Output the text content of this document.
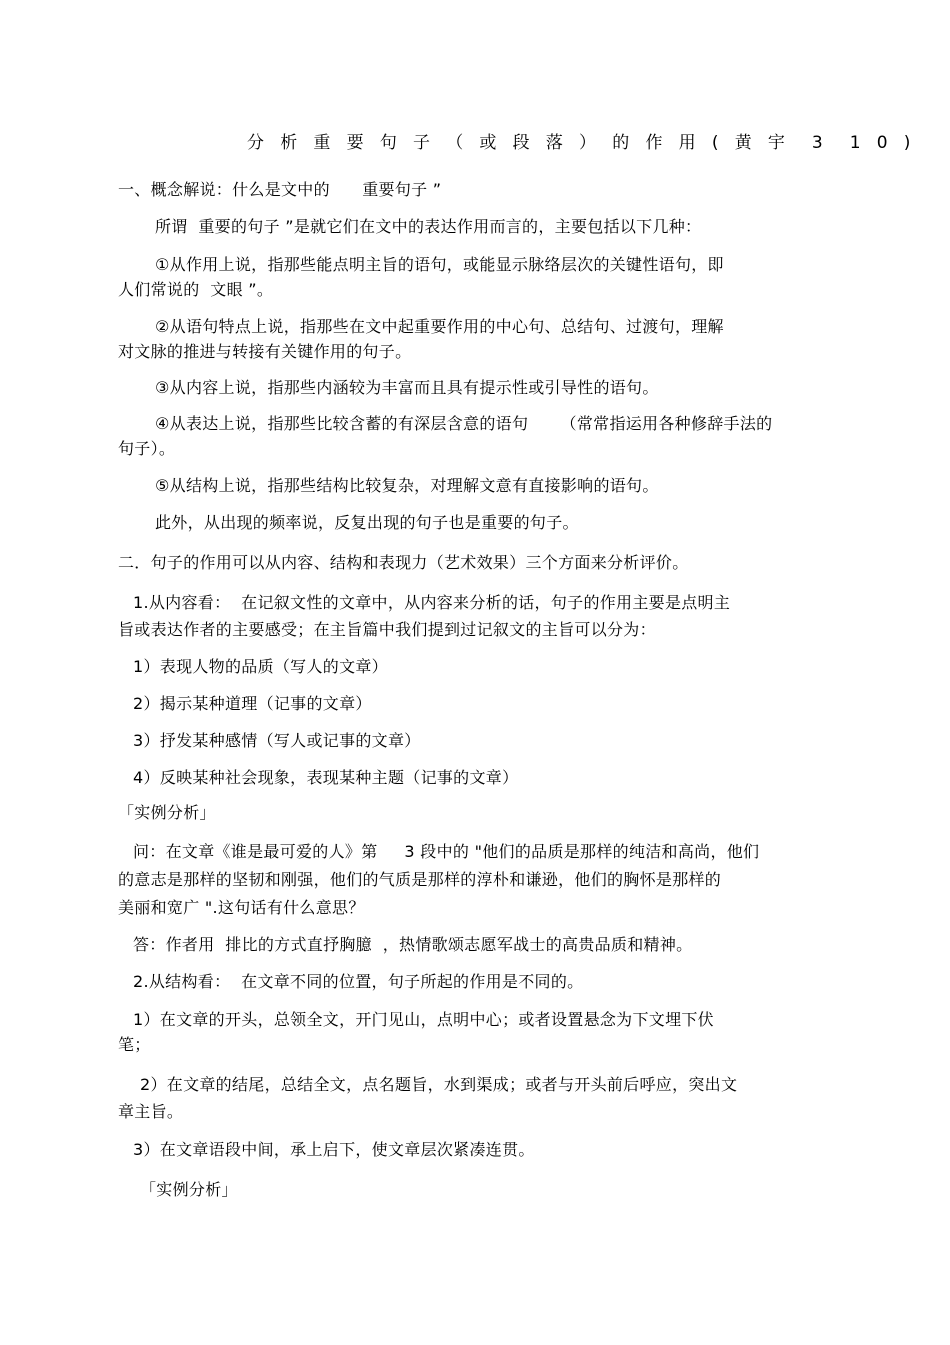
分 析 重 要 句 子 （ 或 段 落 ） 的 作 用 ( 黄 宇  3  1 0 )
一、概念解说：什么是文中的      重要句子 ”
所谓  重要的句子 ”是就它们在文中的表达作用而言的，主要包括以下几种：
①从作用上说，指那些能点明主旨的语句，或能显示脉络层次的关键性语句，即
人们常说的  文眼 ”。
②从语句特点上说，指那些在文中起重要作用的中心句、总结句、过渡句，理解
对文脉的推进与转接有关键作用的句子。
③从内容上说，指那些内涵较为丰富而且具有提示性或引导性的语句。
④从表达上说，指那些比较含蓄的有深层含意的语句      （常常指运用各种修辞手法的
句子）。
⑤从结构上说，指那些结构比较复杂，对理解文意有直接影响的语句。
此外，从出现的频率说，反复出现的句子也是重要的句子。
二．句子的作用可以从内容、结构和表现力（艺术效果）三个方面来分析评价。
1.从内容看：  在记叙文性的文章中，从内容来分析的话，句子的作用主要是点明主
旨或表达作者的主要感受；在主旨篇中我们提到过记叙文的主旨可以分为：
1）表现人物的品质（写人的文章）
2）揭示某种道理（记事的文章）
3）抒发某种感情（写人或记事的文章）
4）反映某种社会现象，表现某种主题（记事的文章）
「实例分析」
问：在文章《谁是最可爱的人》第     3 段中的 "他们的品质是那样的纯洁和高尚，他们
的意志是那样的坚韧和刚强，他们的气质是那样的淳朴和谦逊，他们的胸怀是那样的
美丽和宽广 ".这句话有什么意思？
答：作者用  排比的方式直抒胸臆  ，热情歌颂志愿军战士的高贵品质和精神。
2.从结构看：  在文章不同的位置，句子所起的作用是不同的。
1）在文章的开头，总领全文，开门见山，点明中心；或者设置悬念为下文埋下伏
笔；
2）在文章的结尾，总结全文，点名题旨，水到渠成；或者与开头前后呼应，突出文
章主旨。
3）在文章语段中间，承上启下，使文章层次紧凑连贯。
「实例分析」
